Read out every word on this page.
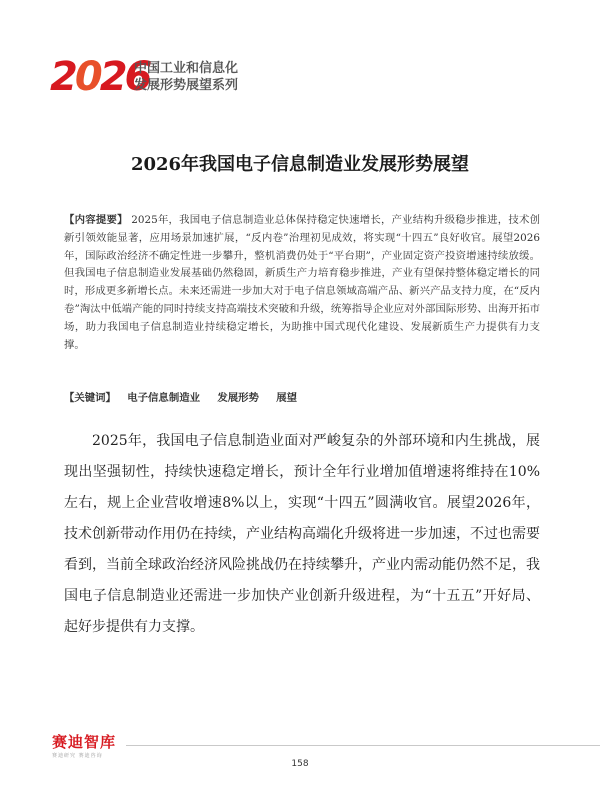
2026
中国工业和信息化
发展形势展望系列
2026年我国电子信息制造业发展形势展望
【内容提要】 2025年，我国电子信息制造业总体保持稳定快速增长，产业结构升级稳步推进，技术创新引领效能显著，应用场景加速扩展，“反内卷”治理初见成效，将实现“十四五”良好收官。展望2026年，国际政治经济不确定性进一步攀升，整机消费仍处于“平台期”，产业固定资产投资增速持续放缓。但我国电子信息制造业发展基础仍然稳固，新质生产力培育稳步推进，产业有望保持整体稳定增长的同时，形成更多新增长点。未来还需进一步加大对于电子信息领域高端产品、新兴产品支持力度，在“反内卷”淘汰中低端产能的同时持续支持高端技术突破和升级，统筹指导企业应对外部国际形势、出海开拓市场，助力我国电子信息制造业持续稳定增长，为助推中国式现代化建设、发展新质生产力提供有力支撑。
【关键词】 电子信息制造业 发展形势 展望
2025年，我国电子信息制造业面对严峻复杂的外部环境和内生挑战，展现出坚强韧性，持续快速稳定增长，预计全年行业增加值增速将维持在10%左右，规上企业营收增速8%以上，实现“十四五”圆满收官。展望2026年，技术创新带动作用仍在持续，产业结构高端化升级将进一步加速，不过也需要看到，当前全球政治经济风险挑战仍在持续攀升，产业内需动能仍然不足，我国电子信息制造业还需进一步加快产业创新升级进程，为“十五五”开好局、起好步提供有力支撑。
赛迪智库
赛迪研究 赛迪咨询
158
